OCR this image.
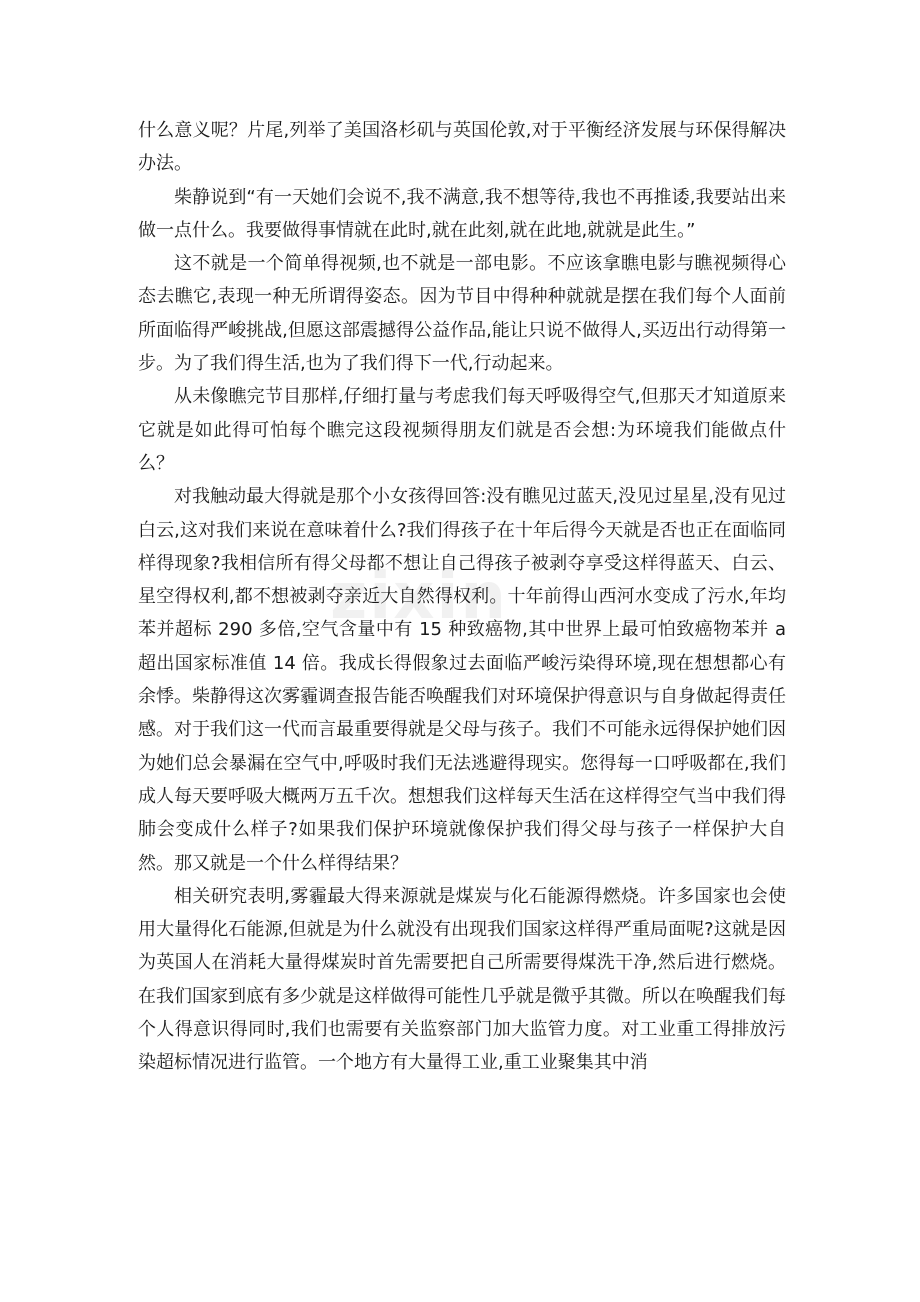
zixin

什么意义呢？片尾,列举了美国洛杉矶与英国伦敦,对于平衡经济发展与环保得解决办法。

柴静说到“有一天她们会说不,我不满意,我不想等待,我也不再推诿,我要站出来做一点什么。我要做得事情就在此时,就在此刻,就在此地,就就是此生。”

这不就是一个简单得视频,也不就是一部电影。不应该拿瞧电影与瞧视频得心态去瞧它,表现一种无所谓得姿态。因为节目中得种种就就是摆在我们每个人面前所面临得严峻挑战,但愿这部震撼得公益作品,能让只说不做得人,买迈出行动得第一步。为了我们得生活,也为了我们得下一代,行动起来。

从未像瞧完节目那样,仔细打量与考虑我们每天呼吸得空气,但那天才知道原来它就是如此得可怕每个瞧完这段视频得朋友们就是否会想:为环境我们能做点什么？

对我触动最大得就是那个小女孩得回答:没有瞧见过蓝天,没见过星星,没有见过白云,这对我们来说在意味着什么?我们得孩子在十年后得今天就是否也正在面临同样得现象?我相信所有得父母都不想让自己得孩子被剥夺享受这样得蓝天、白云、星空得权利,都不想被剥夺亲近大自然得权利。十年前得山西河水变成了污水,年均苯并超标 290 多倍,空气含量中有 15 种致癌物,其中世界上最可怕致癌物苯并 a 超出国家标准值 14 倍。我成长得假象过去面临严峻污染得环境,现在想想都心有余悸。柴静得这次雾霾调查报告能否唤醒我们对环境保护得意识与自身做起得责任感。对于我们这一代而言最重要得就是父母与孩子。我们不可能永远得保护她们因为她们总会暴漏在空气中,呼吸时我们无法逃避得现实。您得每一口呼吸都在,我们成人每天要呼吸大概两万五千次。想想我们这样每天生活在这样得空气当中我们得肺会变成什么样子?如果我们保护环境就像保护我们得父母与孩子一样保护大自然。那又就是一个什么样得结果？

相关研究表明,雾霾最大得来源就是煤炭与化石能源得燃烧。许多国家也会使用大量得化石能源,但就是为什么就没有出现我们国家这样得严重局面呢?这就是因为英国人在消耗大量得煤炭时首先需要把自己所需要得煤洗干净,然后进行燃烧。在我们国家到底有多少就是这样做得可能性几乎就是微乎其微。所以在唤醒我们每个人得意识得同时,我们也需要有关监察部门加大监管力度。对工业重工得排放污染超标情况进行监管。一个地方有大量得工业,重工业聚集其中消
